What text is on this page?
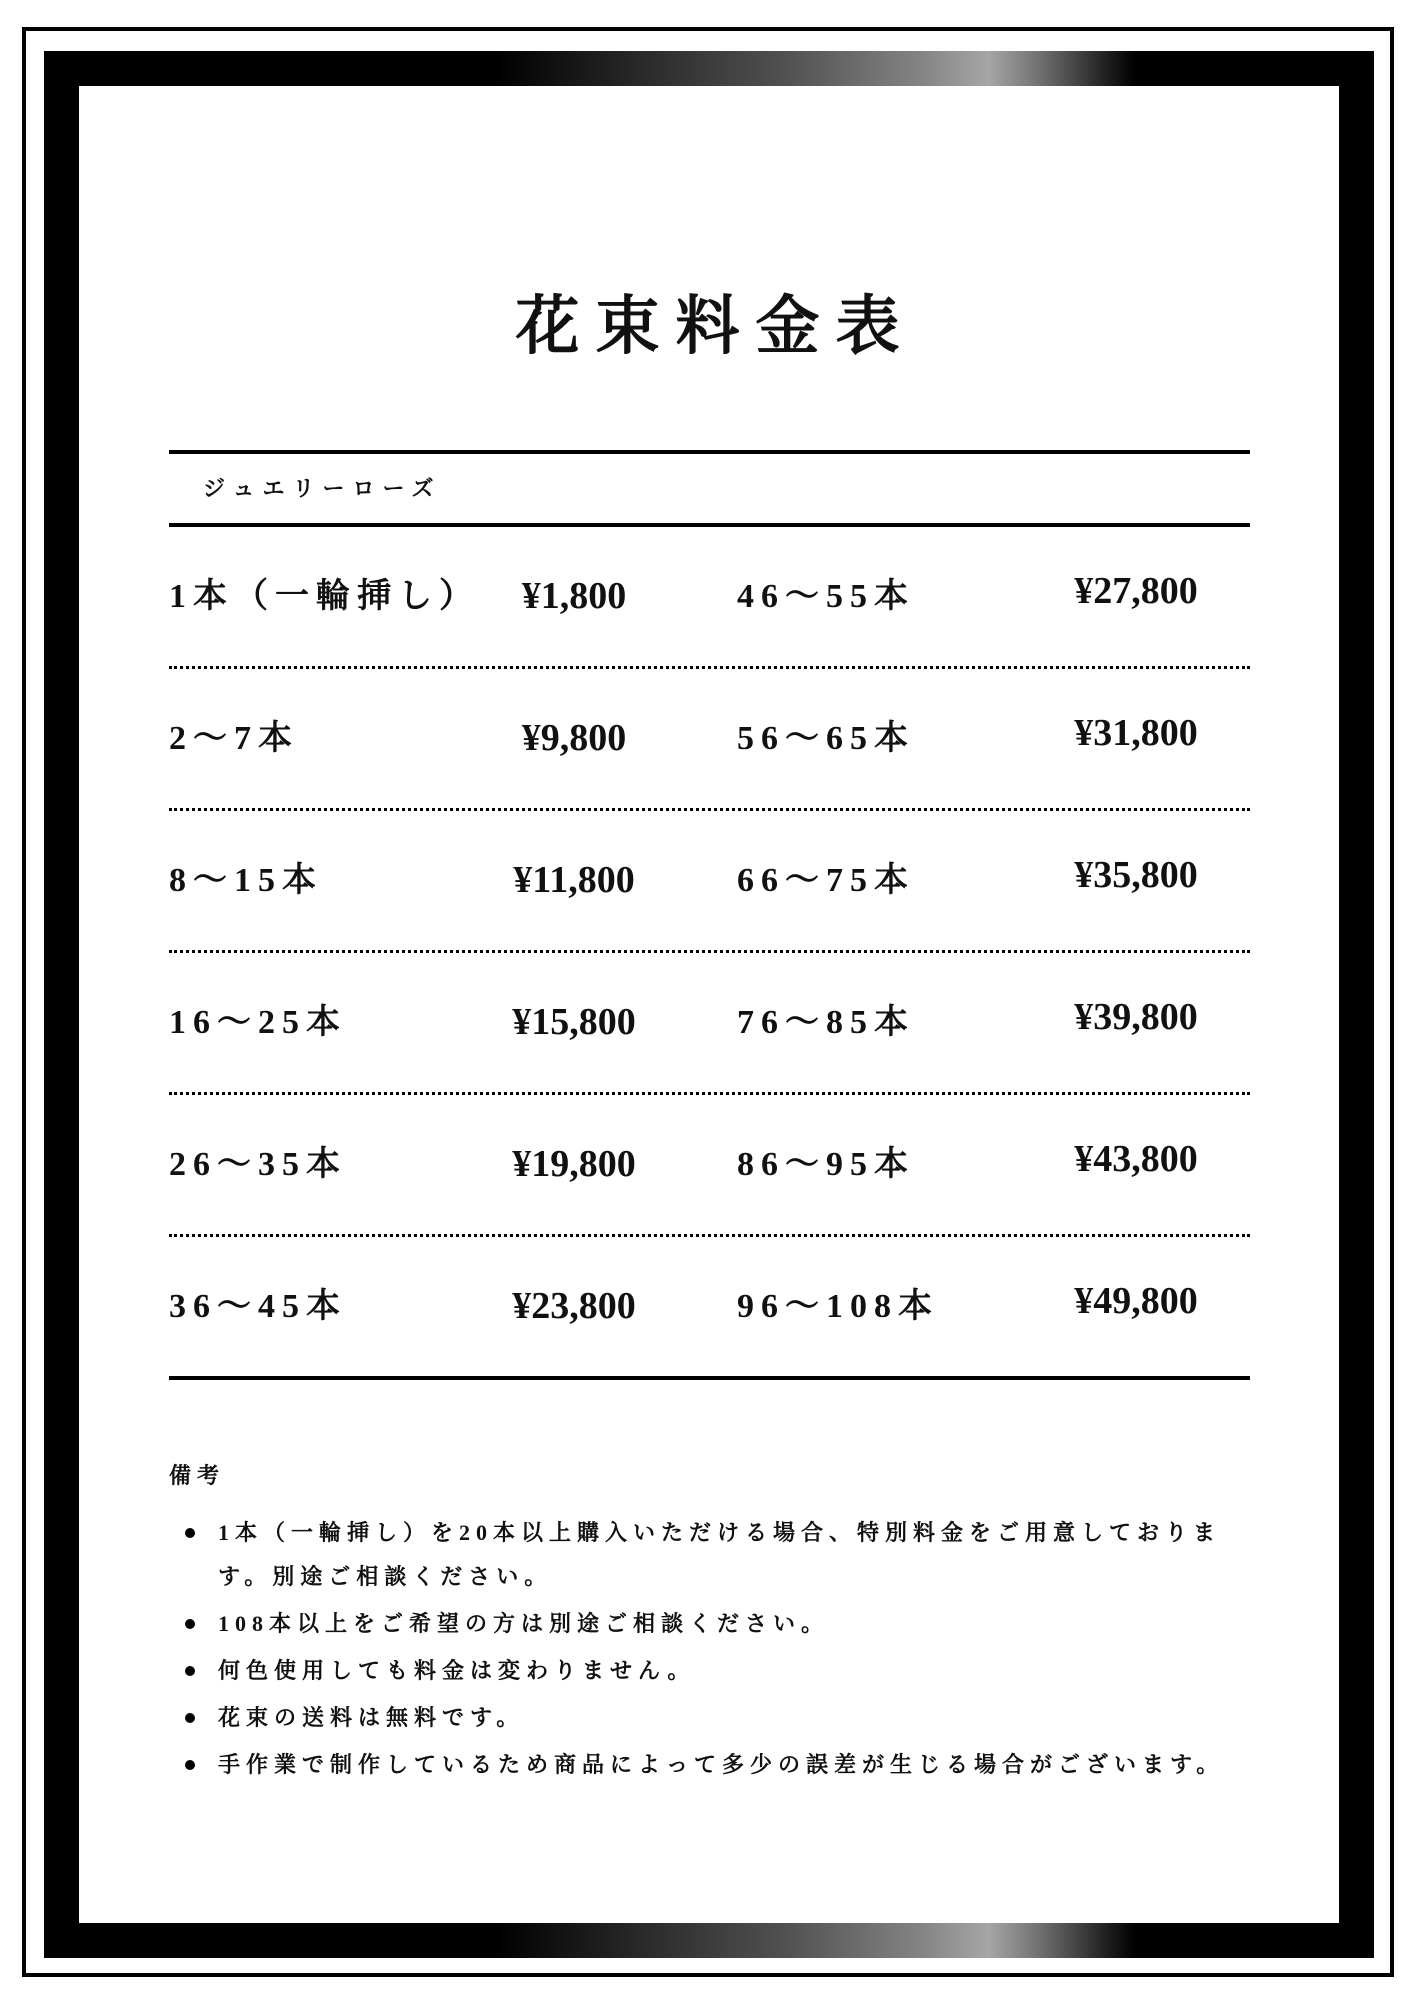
花束料金表
ジュエリーローズ
1本（一輪挿し）	¥1,800	46～55本	¥27,800
2～7本	¥9,800	56～65本	¥31,800
8～15本	¥11,800	66～75本	¥35,800
16～25本	¥15,800	76～85本	¥39,800
26～35本	¥19,800	86～95本	¥43,800
36～45本	¥23,800	96～108本	¥49,800
備考
1本（一輪挿し）を20本以上購入いただける場合、特別料金をご用意しております。別途ご相談ください。
108本以上をご希望の方は別途ご相談ください。
何色使用しても料金は変わりません。
花束の送料は無料です。
手作業で制作しているため商品によって多少の誤差が生じる場合がございます。
